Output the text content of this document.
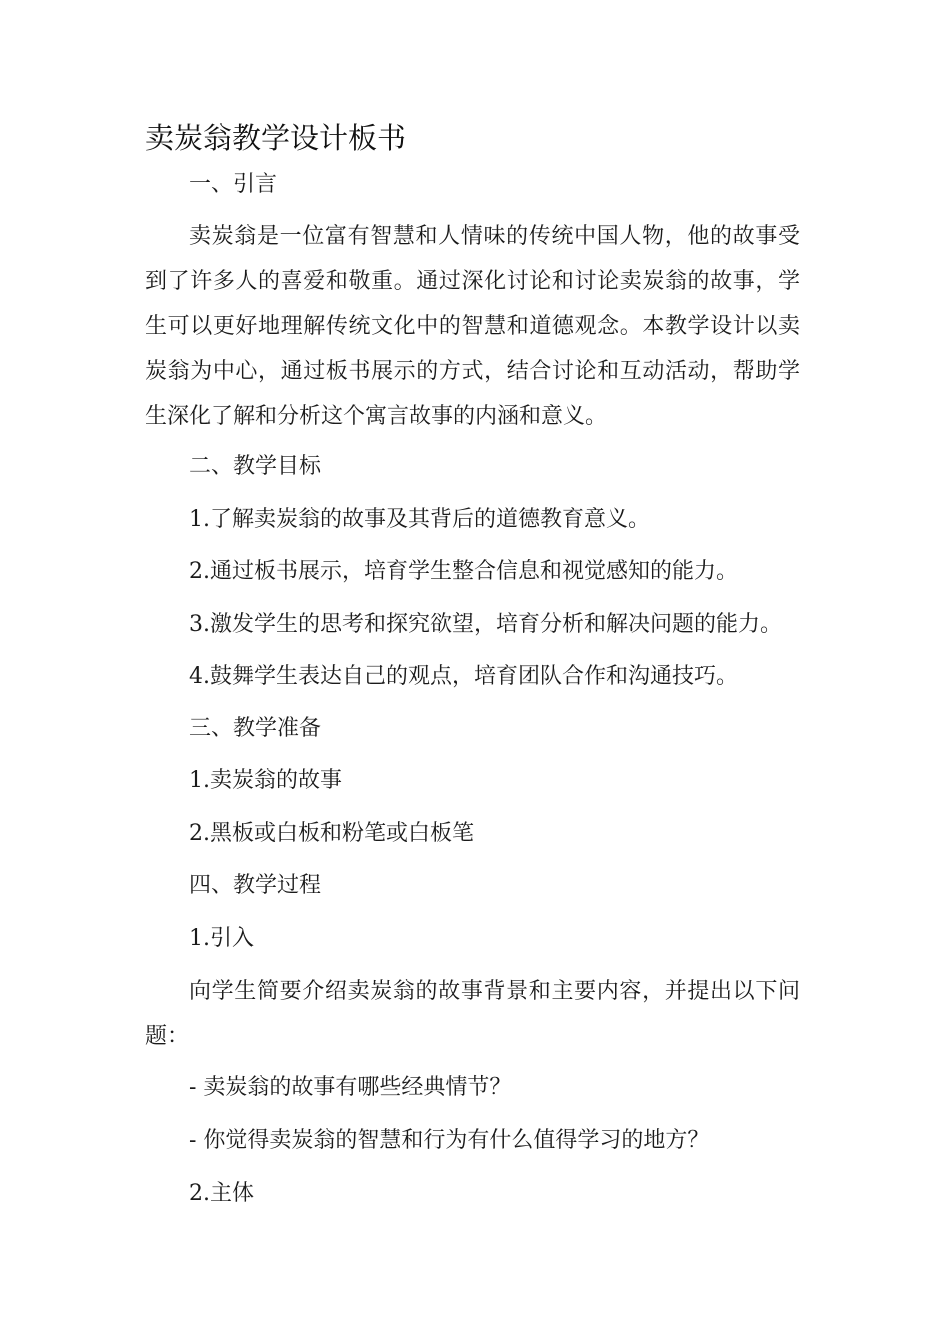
卖炭翁教学设计板书
一、引言
卖炭翁是一位富有智慧和人情味的传统中国人物，他的故事受到了许多人的喜爱和敬重。通过深化讨论和讨论卖炭翁的故事，学生可以更好地理解传统文化中的智慧和道德观念。本教学设计以卖炭翁为中心，通过板书展示的方式，结合讨论和互动活动，帮助学生深化了解和分析这个寓言故事的内涵和意义。
二、教学目标
1.了解卖炭翁的故事及其背后的道德教育意义。
2.通过板书展示，培育学生整合信息和视觉感知的能力。
3.激发学生的思考和探究欲望，培育分析和解决问题的能力。
4.鼓舞学生表达自己的观点，培育团队合作和沟通技巧。
三、教学准备
1.卖炭翁的故事
2.黑板或白板和粉笔或白板笔
四、教学过程
1.引入
向学生简要介绍卖炭翁的故事背景和主要内容，并提出以下问题：
- 卖炭翁的故事有哪些经典情节？
- 你觉得卖炭翁的智慧和行为有什么值得学习的地方？
2.主体
